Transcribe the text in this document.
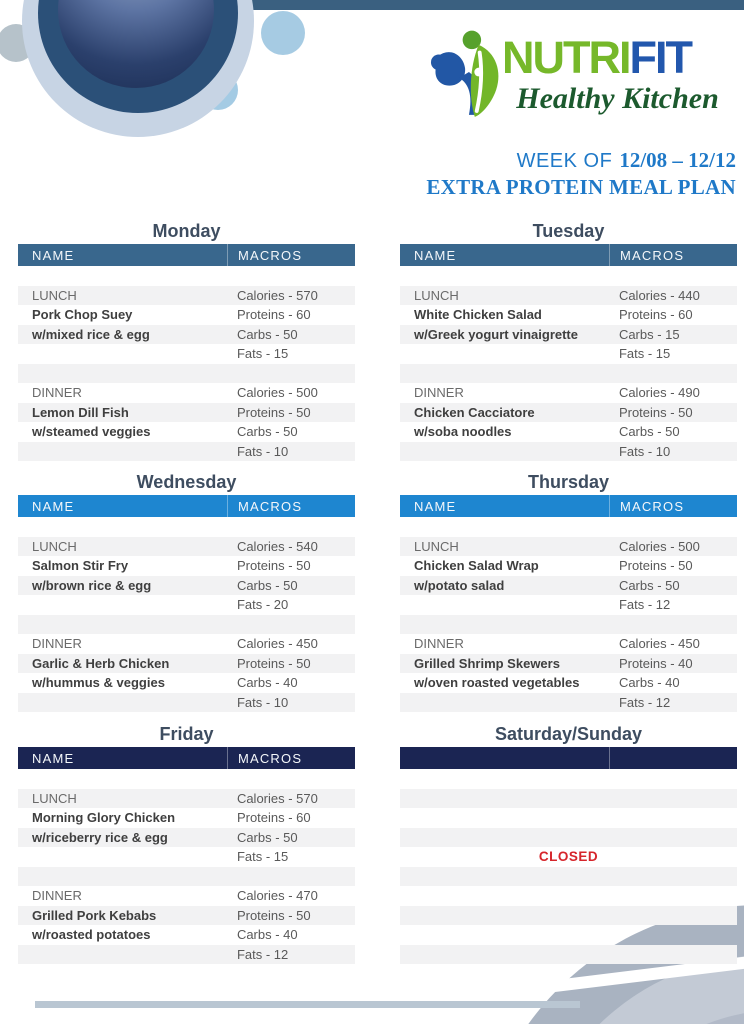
NUTRIFIT
Healthy Kitchen
WEEK OF 12/08 – 12/12
EXTRA PROTEIN MEAL PLAN
Monday
NAME	MACROS
LUNCH	Calories - 570
Pork Chop Suey	Proteins - 60
w/mixed rice & egg	Carbs - 50
Fats - 15
DINNER	Calories - 500
Lemon Dill Fish	Proteins - 50
w/steamed veggies	Carbs - 50
Fats - 10
Tuesday
NAME	MACROS
LUNCH	Calories - 440
White Chicken Salad	Proteins - 60
w/Greek yogurt vinaigrette	Carbs - 15
Fats - 15
DINNER	Calories - 490
Chicken Cacciatore	Proteins - 50
w/soba noodles	Carbs - 50
Fats - 10
Wednesday
NAME	MACROS
LUNCH	Calories - 540
Salmon Stir Fry	Proteins - 50
w/brown rice & egg	Carbs - 50
Fats - 20
DINNER	Calories - 450
Garlic & Herb Chicken	Proteins - 50
w/hummus & veggies	Carbs - 40
Fats - 10
Thursday
NAME	MACROS
LUNCH	Calories - 500
Chicken Salad Wrap	Proteins - 50
w/potato salad	Carbs - 50
Fats - 12
DINNER	Calories - 450
Grilled Shrimp Skewers	Proteins - 40
w/oven roasted vegetables	Carbs - 40
Fats - 12
Friday
NAME	MACROS
LUNCH	Calories - 570
Morning Glory Chicken	Proteins - 60
w/riceberry rice & egg	Carbs - 50
Fats - 15
DINNER	Calories - 470
Grilled Pork Kebabs	Proteins - 50
w/roasted potatoes	Carbs - 40
Fats - 12
Saturday/Sunday
CLOSED
